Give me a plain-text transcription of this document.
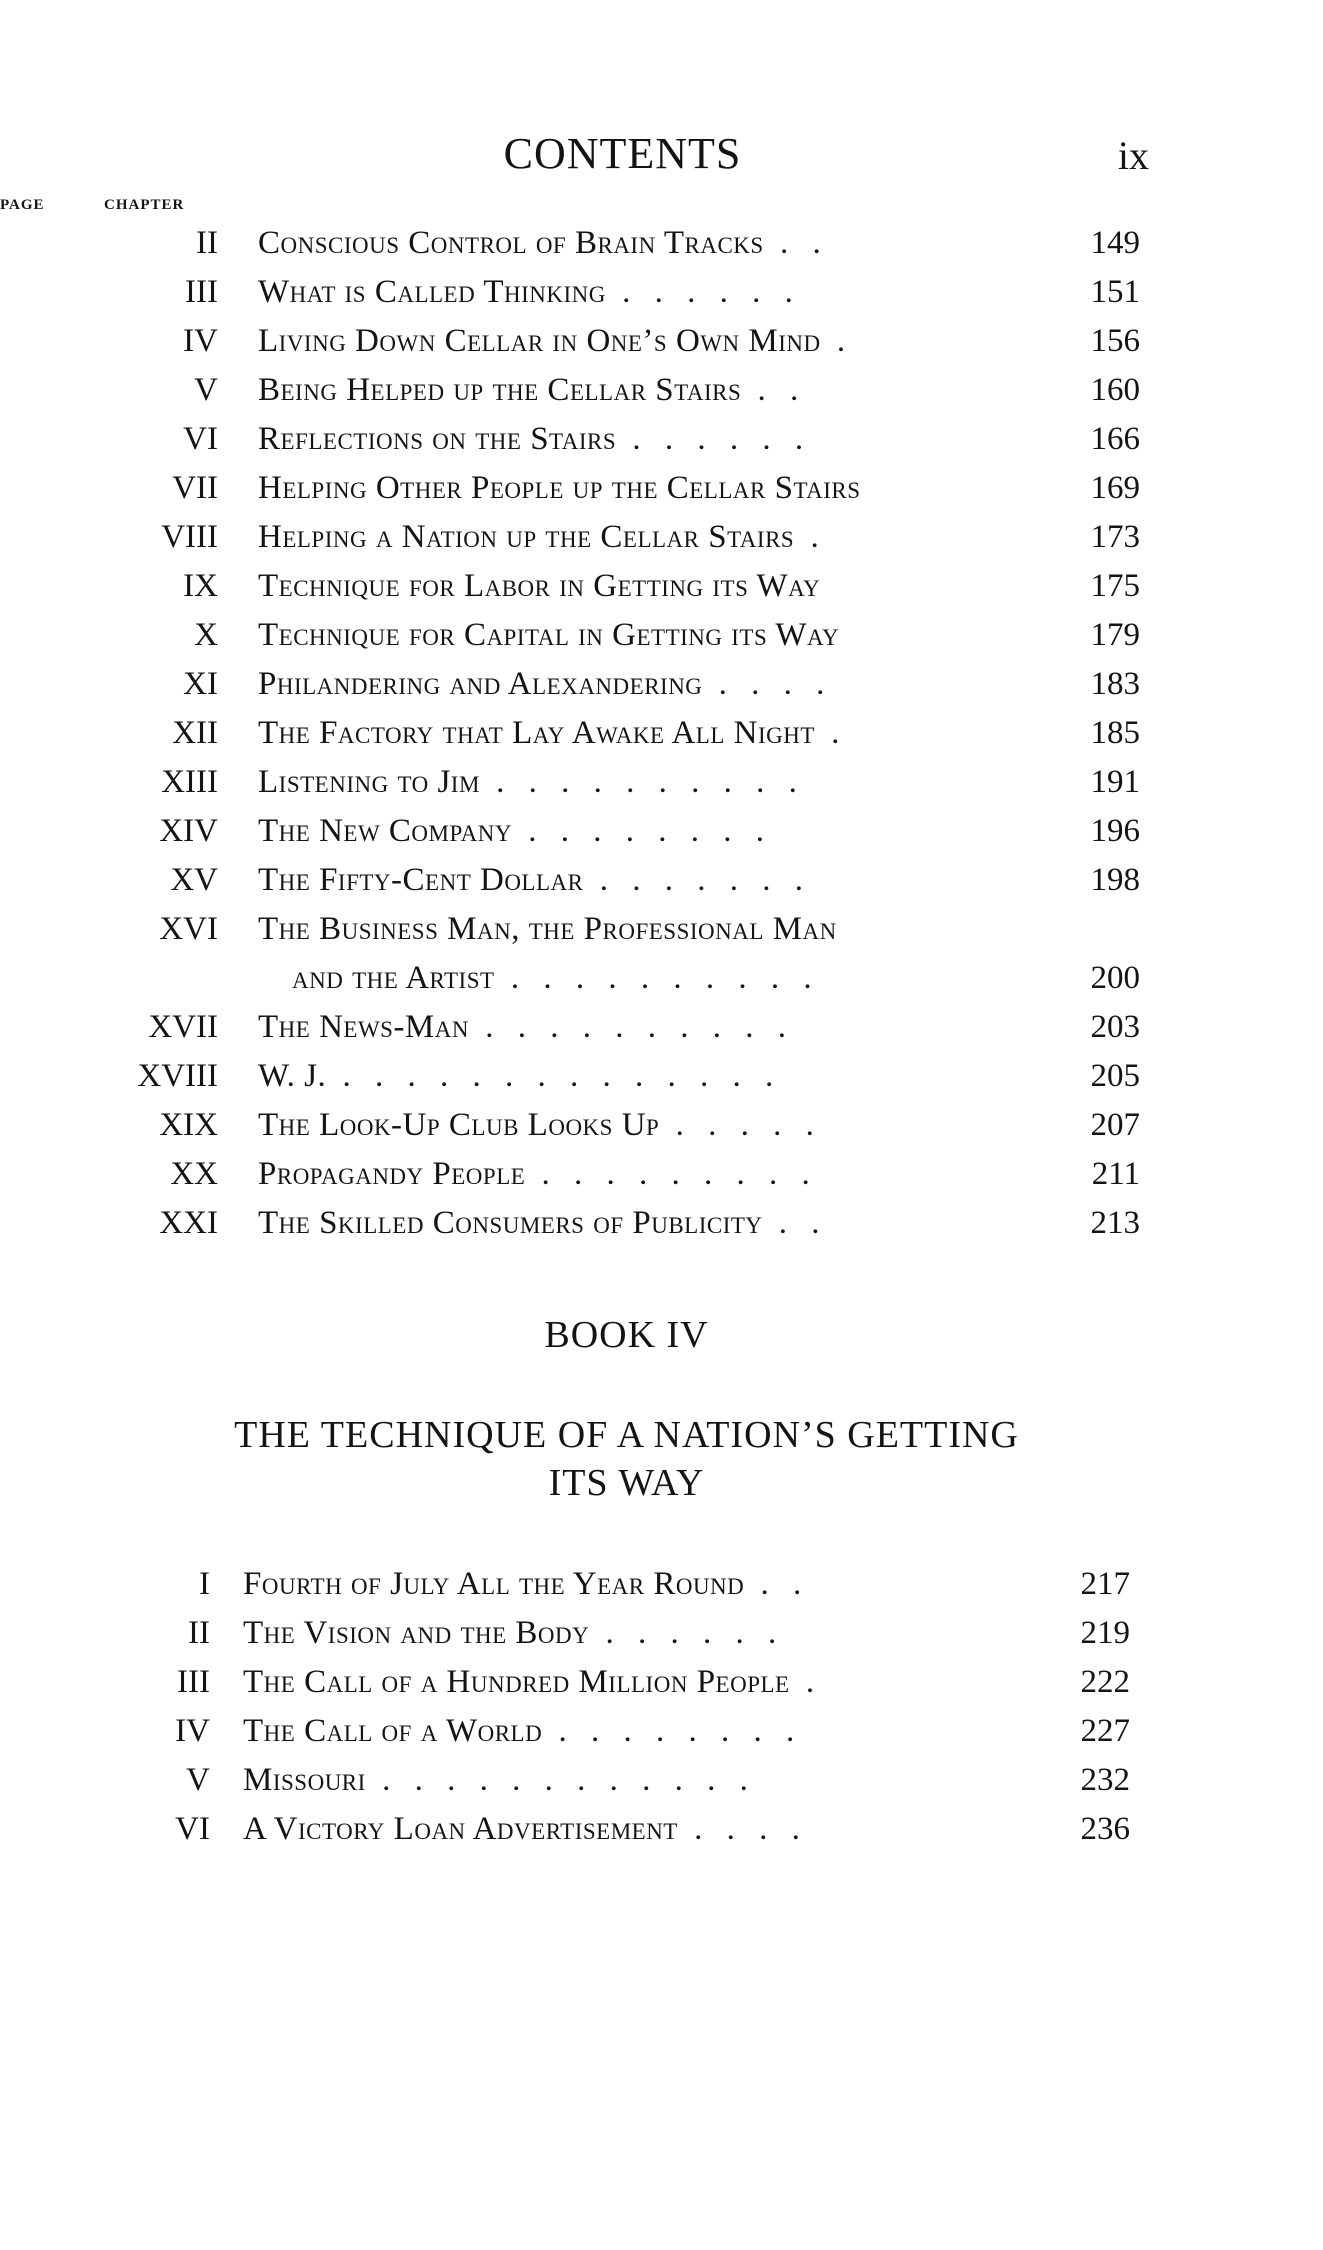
CONTENTS	ix
CHAPTER
PAGE
II Conscious Control of Brain Tracks . .	149
III What is Called Thinking . . . . . .	151
IV Living Down Cellar in One’s Own Mind .	156
V Being Helped up the Cellar Stairs . .	160
VI Reflections on the Stairs . . . . . .	166
VII Helping Other People up the Cellar Stairs	169
VIII Helping a Nation up the Cellar Stairs .	173
IX Technique for Labor in Getting its Way	175
X Technique for Capital in Getting its Way	179
XI Philandering and Alexandering . . . .	183
XII The Factory that Lay Awake All Night .	185
XIII Listening to Jim . . . . . . . . . .	191
XIV The New Company . . . . . . . .	196
XV The Fifty-Cent Dollar . . . . . . .	198
XVI The Business Man, the Professional Man
and the Artist . . . . . . . . . .	200
XVII The News-Man . . . . . . . . . .	203
XVIII W. J. . . . . . . . . . . . . . .	205
XIX The Look-Up Club Looks Up . . . . .	207
XX Propagandy People . . . . . . . . .	211
XXI The Skilled Consumers of Publicity . .	213
BOOK IV
THE TECHNIQUE OF A NATION’S GETTING
ITS WAY
I Fourth of July All the Year Round . .	217
II The Vision and the Body . . . . . .	219
III The Call of a Hundred Million People .	222
IV The Call of a World . . . . . . . .	227
V Missouri . . . . . . . . . . . .	232
VI A Victory Loan Advertisement . . . .	236
